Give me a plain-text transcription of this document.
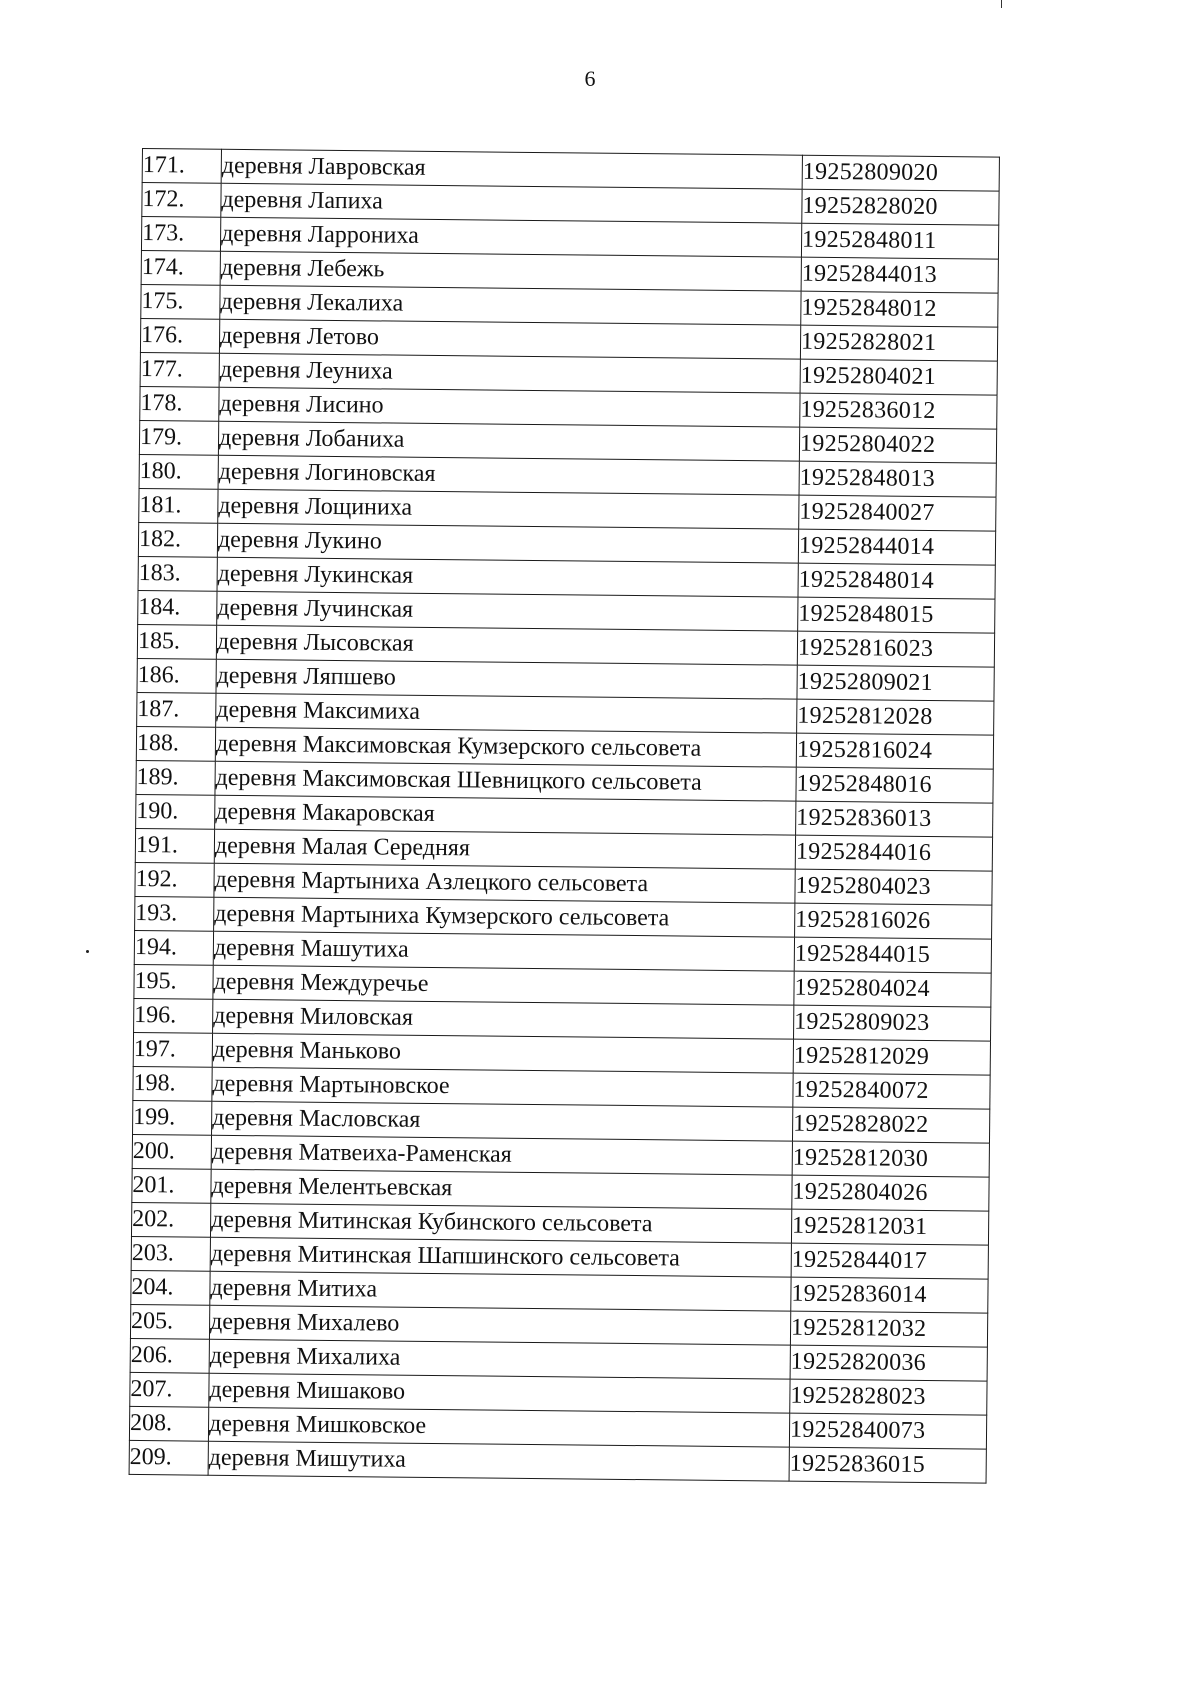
6
171.	деревня Лавровская	19252809020
172.	деревня Лапиха	19252828020
173.	деревня Ларрониха	19252848011
174.	деревня Лебежь	19252844013
175.	деревня Лекалиха	19252848012
176.	деревня Летово	19252828021
177.	деревня Леуниха	19252804021
178.	деревня Лисино	19252836012
179.	деревня Лобаниха	19252804022
180.	деревня Логиновская	19252848013
181.	деревня Лощиниха	19252840027
182.	деревня Лукино	19252844014
183.	деревня Лукинская	19252848014
184.	деревня Лучинская	19252848015
185.	деревня Лысовская	19252816023
186.	деревня Ляпшево	19252809021
187.	деревня Максимиха	19252812028
188.	деревня Максимовская Кумзерского сельсовета	19252816024
189.	деревня Максимовская Шевницкого сельсовета	19252848016
190.	деревня Макаровская	19252836013
191.	деревня Малая Середняя	19252844016
192.	деревня Мартыниха Азлецкого сельсовета	19252804023
193.	деревня Мартыниха Кумзерского сельсовета	19252816026
194.	деревня Машутиха	19252844015
195.	деревня Междуречье	19252804024
196.	деревня Миловская	19252809023
197.	деревня Маньково	19252812029
198.	деревня Мартыновское	19252840072
199.	деревня Масловская	19252828022
200.	деревня Матвеиха-Раменская	19252812030
201.	деревня Мелентьевская	19252804026
202.	деревня Митинская Кубинского сельсовета	19252812031
203.	деревня Митинская Шапшинского сельсовета	19252844017
204.	деревня Митиха	19252836014
205.	деревня Михалево	19252812032
206.	деревня Михалиха	19252820036
207.	деревня Мишаково	19252828023
208.	деревня Мишковское	19252840073
209.	деревня Мишутиха	19252836015
